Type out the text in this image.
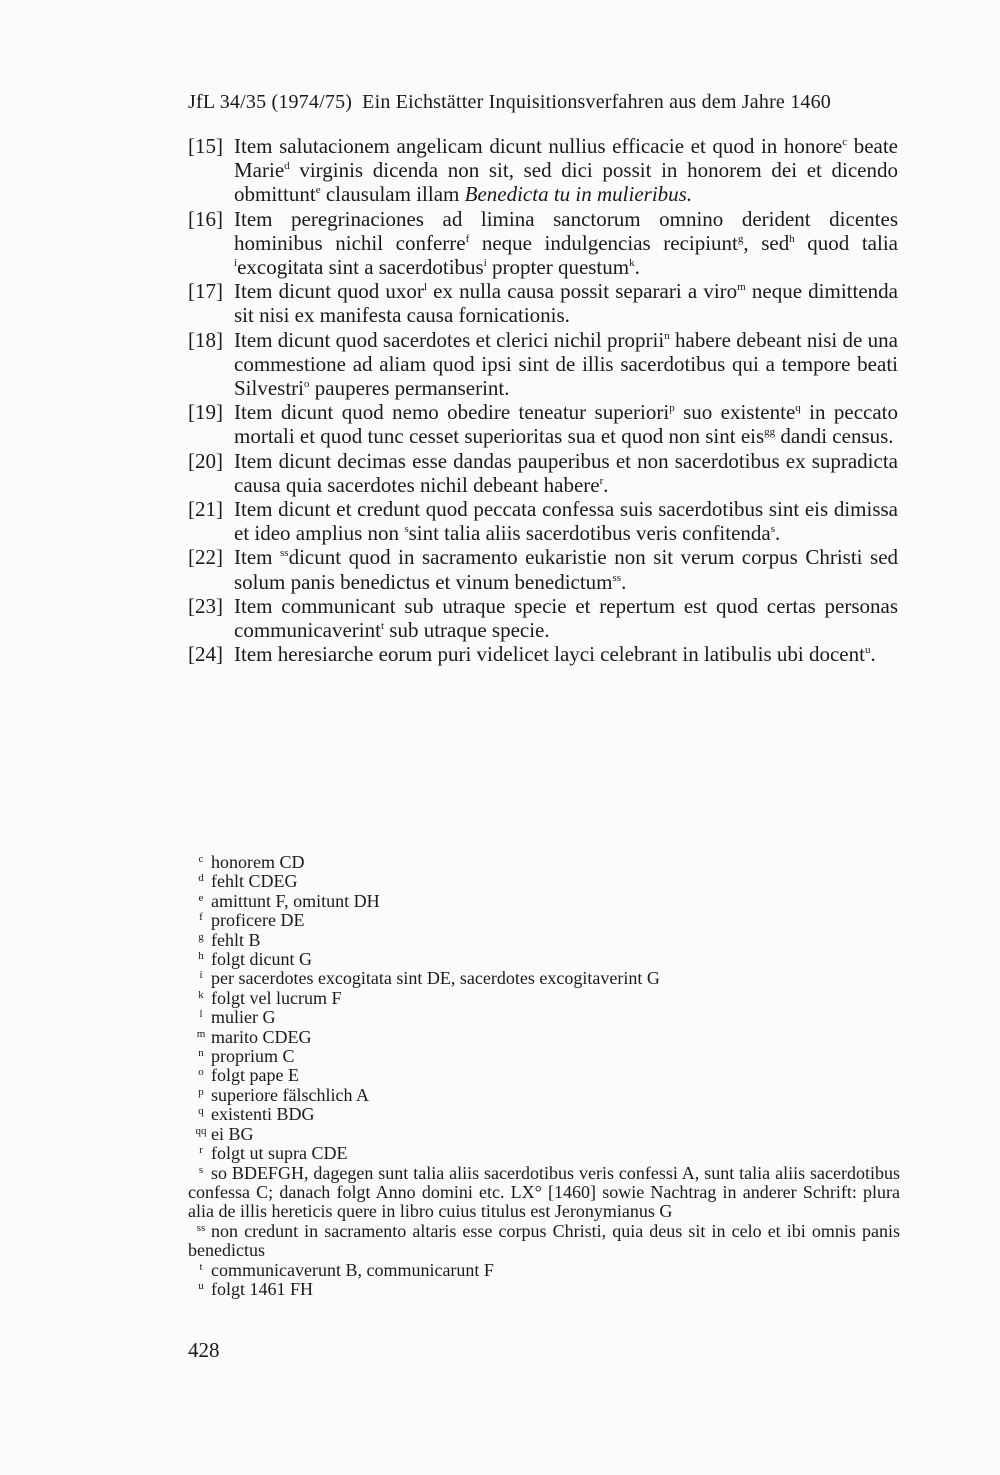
JfL 34/35 (1974/75) Ein Eichstätter Inquisitionsverfahren aus dem Jahre 1460

[15] Item salutacionem angelicam dicunt nullius efficacie et quod in honore$^c$ beate Marie$^d$ virginis dicenda non sit, sed dici possit in honorem dei et dicendo obmittunt$^e$ clausulam illam Benedicta tu in mulieribus.

[16] Item peregrinaciones ad limina sanctorum omnino derident dicentes hominibus nichil conferre$^f$ neque indulgencias recipiunt$^g$, sed$^h$ quod talia $^i$excogitata sint a sacerdotibus$^i$ propter questum$^k$.

[17] Item dicunt quod uxor$^l$ ex nulla causa possit separari a viro$^m$ neque dimittenda sit nisi ex manifesta causa fornicationis.

[18] Item dicunt quod sacerdotes et clerici nichil proprii$^n$ habere debeant nisi de una commestione ad aliam quod ipsi sint de illis sacerdotibus qui a tempore beati Silvestri$^o$ pauperes permanserint.

[19] Item dicunt quod nemo obedire teneatur superiori$^p$ suo existente$^q$ in peccato mortali et quod tunc cesset superioritas sua et quod non sint eis$^{gg}$ dandi census.

[20] Item dicunt decimas esse dandas pauperibus et non sacerdotibus ex supradicta causa quia sacerdotes nichil debeant habere$^r$.

[21] Item dicunt et credunt quod peccata confessa suis sacerdotibus sint eis dimissa et ideo amplius non $^s$sint talia aliis sacerdotibus veris confitenda$^s$.

[22] Item $^{ss}$dicunt quod in sacramento eukaristie non sit verum corpus Christi sed solum panis benedictus et vinum benedictum$^{ss}$.

[23] Item communicant sub utraque specie et repertum est quod certas personas communicaverint$^t$ sub utraque specie.

[24] Item heresiarche eorum puri videlicet layci celebrant in latibulis ubi docent$^u$.

c honorem CD

d fehlt CDEG

e amittunt F, omitunt DH

f proficere DE

g fehlt B

h folgt dicunt G

i per sacerdotes excogitata sint DE, sacerdotes excogitaverint G

k folgt vel lucrum F

l mulier G

m marito CDEG

n proprium C

o folgt pape E

p superiore fälschlich A

q existenti BDG

qq ei BG

r folgt ut supra CDE

s so BDEFGH, dagegen sunt talia aliis sacerdotibus veris confessi A, sunt talia aliis sacerdotibus confessa C; danach folgt Anno domini etc. LX° [1460] sowie Nachtrag in anderer Schrift: plura alia de illis hereticis quere in libro cuius titulus est Jeronymianus G

ss non credunt in sacramento altaris esse corpus Christi, quia deus sit in celo et ibi omnis panis benedictus

t communicaverunt B, communicarunt F

u folgt 1461 FH

428
